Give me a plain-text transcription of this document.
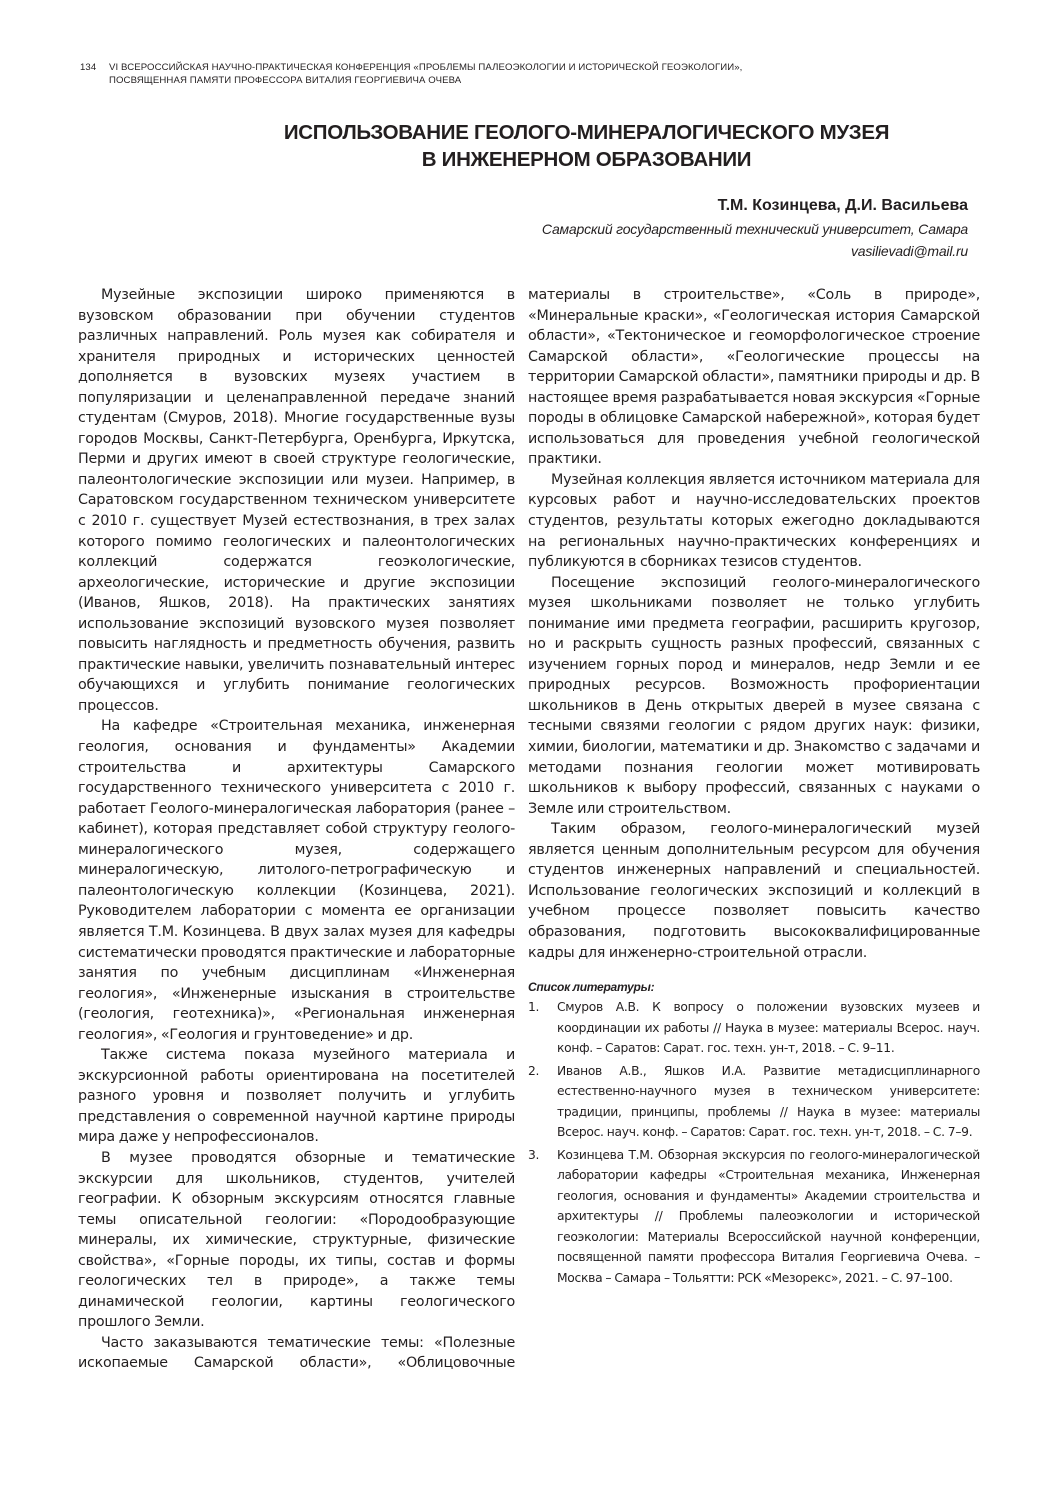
134 VI ВСЕРОССИЙСКАЯ НАУЧНО-ПРАКТИЧЕСКАЯ КОНФЕРЕНЦИЯ «ПРОБЛЕМЫ ПАЛЕОЭКОЛОГИИ И ИСТОРИЧЕСКОЙ ГЕОЭКОЛОГИИ»,
ПОСВЯЩЕННАЯ ПАМЯТИ ПРОФЕССОРА ВИТАЛИЯ ГЕОРГИЕВИЧА ОЧЕВА
ИСПОЛЬЗОВАНИЕ ГЕОЛОГО-МИНЕРАЛОГИЧЕСКОГО МУЗЕЯ
В ИНЖЕНЕРНОМ ОБРАЗОВАНИИ
Т.М. Козинцева, Д.И. Васильева
Самарский государственный технический университет, Самара
vasilievadi@mail.ru

Музейные экспозиции широко применяются в вузовском образовании при обучении студентов различных направлений. Роль музея как собирателя и хранителя природных и исторических ценностей дополняется в вузовских музеях участием в популяризации и целенаправленной передаче знаний студентам (Смуров, 2018). Многие государственные вузы городов Москвы, Санкт-Петербурга, Оренбурга, Иркутска, Перми и других имеют в своей структуре геологические, палеонтологические экспозиции или музеи. Например, в Саратовском государственном техническом университете с 2010 г. существует Музей естествознания, в трех залах которого помимо геологических и палеонтологических коллекций содержатся геоэкологические, археологические, исторические и другие экспозиции (Иванов, Яшков, 2018). На практических занятиях использование экспозиций вузовского музея позволяет повысить наглядность и предметность обучения, развить практические навыки, увеличить познавательный интерес обучающихся и углубить понимание геологических процессов.

На кафедре «Строительная механика, инженерная геология, основания и фундаменты» Академии строительства и архитектуры Самарского государственного технического университета с 2010 г. работает Геолого-минералогическая лаборатория (ранее – кабинет), которая представляет собой структуру геолого-минералогического музея, содержащего минералогическую, литолого-петрографическую и палеонтологическую коллекции (Козинцева, 2021). Руководителем лаборатории с момента ее организации является Т.М. Козинцева. В двух залах музея для кафедры систематически проводятся практические и лабораторные занятия по учебным дисциплинам «Инженерная геология», «Инженерные изыскания в строительстве (геология, геотехника)», «Региональная инженерная геология», «Геология и грунтоведение» и др.

Также система показа музейного материала и экскурсионной работы ориентирована на посетителей разного уровня и позволяет получить и углубить представления о современной научной картине природы мира даже у непрофессионалов.

В музее проводятся обзорные и тематические экскурсии для школьников, студентов, учителей географии. К обзорным экскурсиям относятся главные темы описательной геологии: «Породообразующие минералы, их химические, структурные, физические свойства», «Горные породы, их типы, состав и формы геологических тел в природе», а также темы динамической геологии, картины геологического прошлого Земли.

Часто заказываются тематические темы: «Полезные ископаемые Самарской области», «Облицовочные

материалы в строительстве», «Соль в природе», «Минеральные краски», «Геологическая история Самарской области», «Тектоническое и геоморфологическое строение Самарской области», «Геологические процессы на территории Самарской области», памятники природы и др. В настоящее время разрабатывается новая экскурсия «Горные породы в облицовке Самарской набережной», которая будет использоваться для проведения учебной геологической практики.

Музейная коллекция является источником материала для курсовых работ и научно-исследовательских проектов студентов, результаты которых ежегодно докладываются на региональных научно-практических конференциях и публикуются в сборниках тезисов студентов.

Посещение экспозиций геолого-минералогического музея школьниками позволяет не только углубить понимание ими предмета географии, расширить кругозор, но и раскрыть сущность разных профессий, связанных с изучением горных пород и минералов, недр Земли и ее природных ресурсов. Возможность профориентации школьников в День открытых дверей в музее связана с тесными связями геологии с рядом других наук: физики, химии, биологии, математики и др. Знакомство с задачами и методами познания геологии может мотивировать школьников к выбору профессий, связанных с науками о Земле или строительством.

Таким образом, геолого-минералогический музей является ценным дополнительным ресурсом для обучения студентов инженерных направлений и специальностей. Использование геологических экспозиций и коллекций в учебном процессе позволяет повысить качество образования, подготовить высококвалифицированные кадры для инженерно-строительной отрасли.

Список литературы:
1. Смуров А.В. К вопросу о положении вузовских музеев и координации их работы // Наука в музее: материалы Всерос. науч. конф. – Саратов: Сарат. гос. техн. ун-т, 2018. – С. 9–11.
2. Иванов А.В., Яшков И.А. Развитие метадисциплинарного естественно-научного музея в техническом университете: традиции, принципы, проблемы // Наука в музее: материалы Всерос. науч. конф. – Саратов: Сарат. гос. техн. ун-т, 2018. – С. 7–9.
3. Козинцева Т.М. Обзорная экскурсия по геолого-минералогической лаборатории кафедры «Строительная механика, Инженерная геология, основания и фундаменты» Академии строительства и архитектуры // Проблемы палеоэкологии и исторической геоэкологии: Материалы Всероссийской научной конференции, посвященной памяти профессора Виталия Георгиевича Очева. – Москва – Самара – Тольятти: РСК «Мезорекс», 2021. – С. 97–100.
